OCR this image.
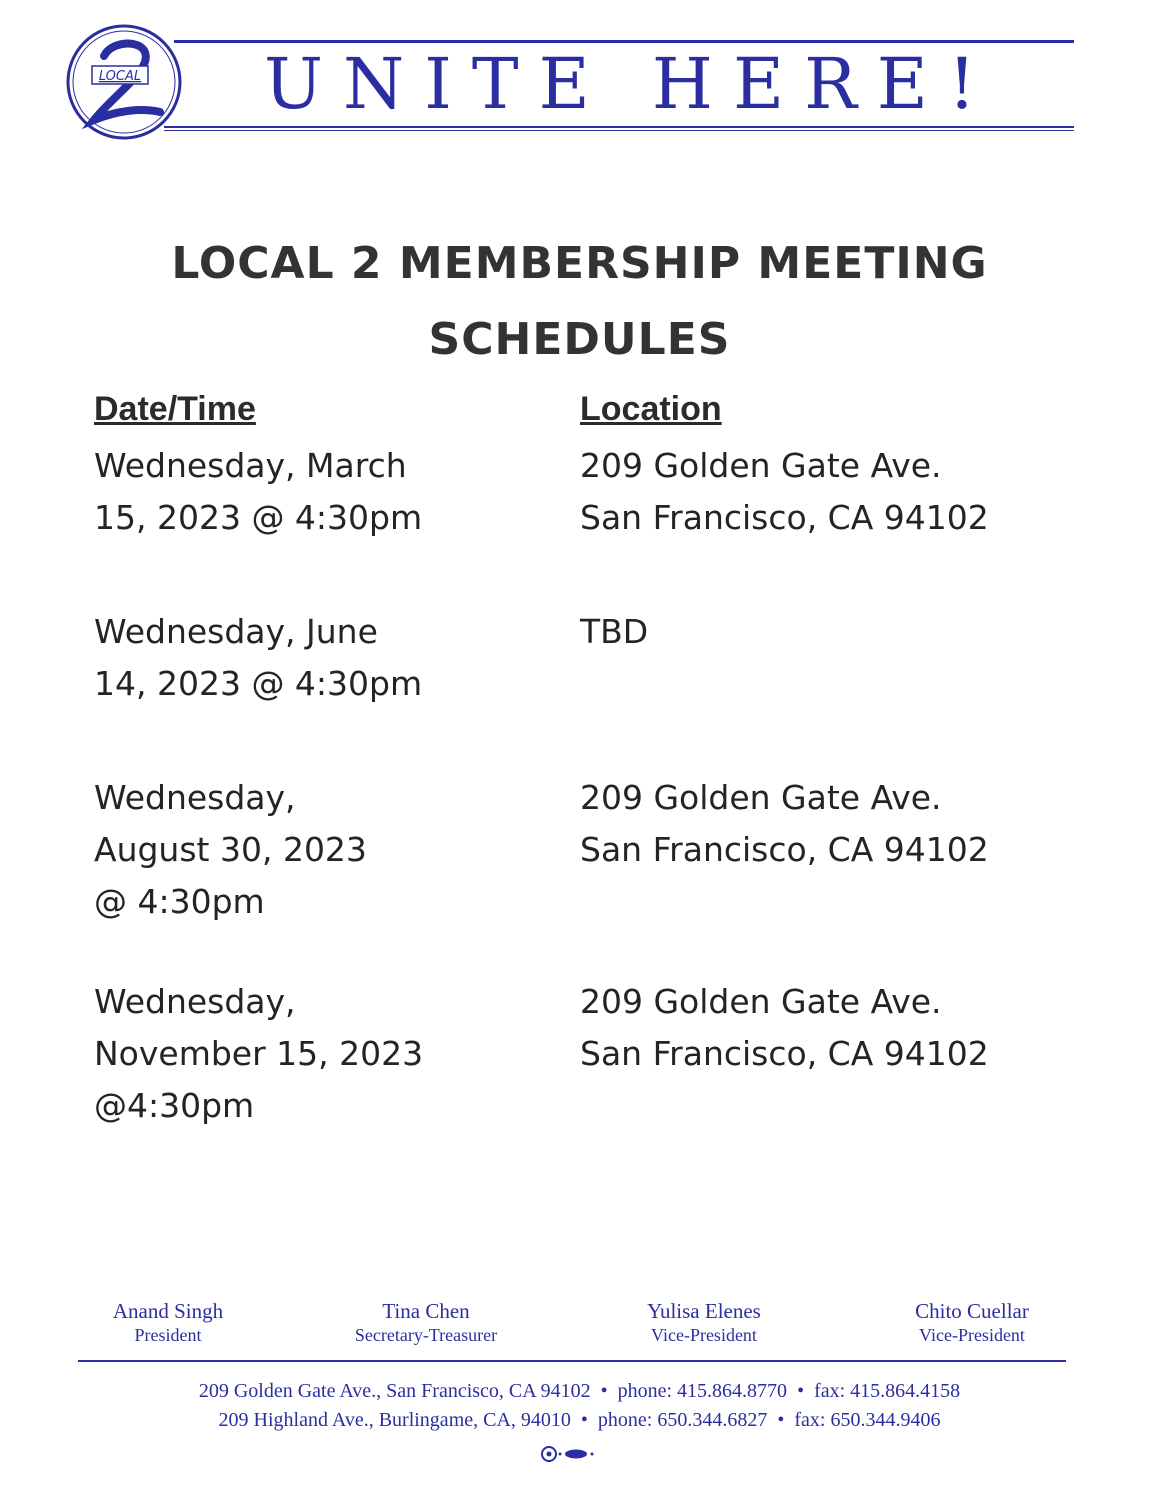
LOCAL UNITE HERE!
LOCAL 2 MEMBERSHIP MEETING
SCHEDULES
Date/Time	Location
Wednesday, March
15, 2023 @ 4:30pm
209 Golden Gate Ave.
San Francisco, CA 94102
Wednesday, June
14, 2023 @ 4:30pm
TBD
Wednesday,
August 30, 2023
@ 4:30pm
209 Golden Gate Ave.
San Francisco, CA 94102
Wednesday,
November 15, 2023
@4:30pm
209 Golden Gate Ave.
San Francisco, CA 94102
Anand Singh
President
Tina Chen
Secretary-Treasurer
Yulisa Elenes
Vice-President
Chito Cuellar
Vice-President
209 Golden Gate Ave., San Francisco, CA 94102 • phone: 415.864.8770 • fax: 415.864.4158
209 Highland Ave., Burlingame, CA, 94010 • phone: 650.344.6827 • fax: 650.344.9406
